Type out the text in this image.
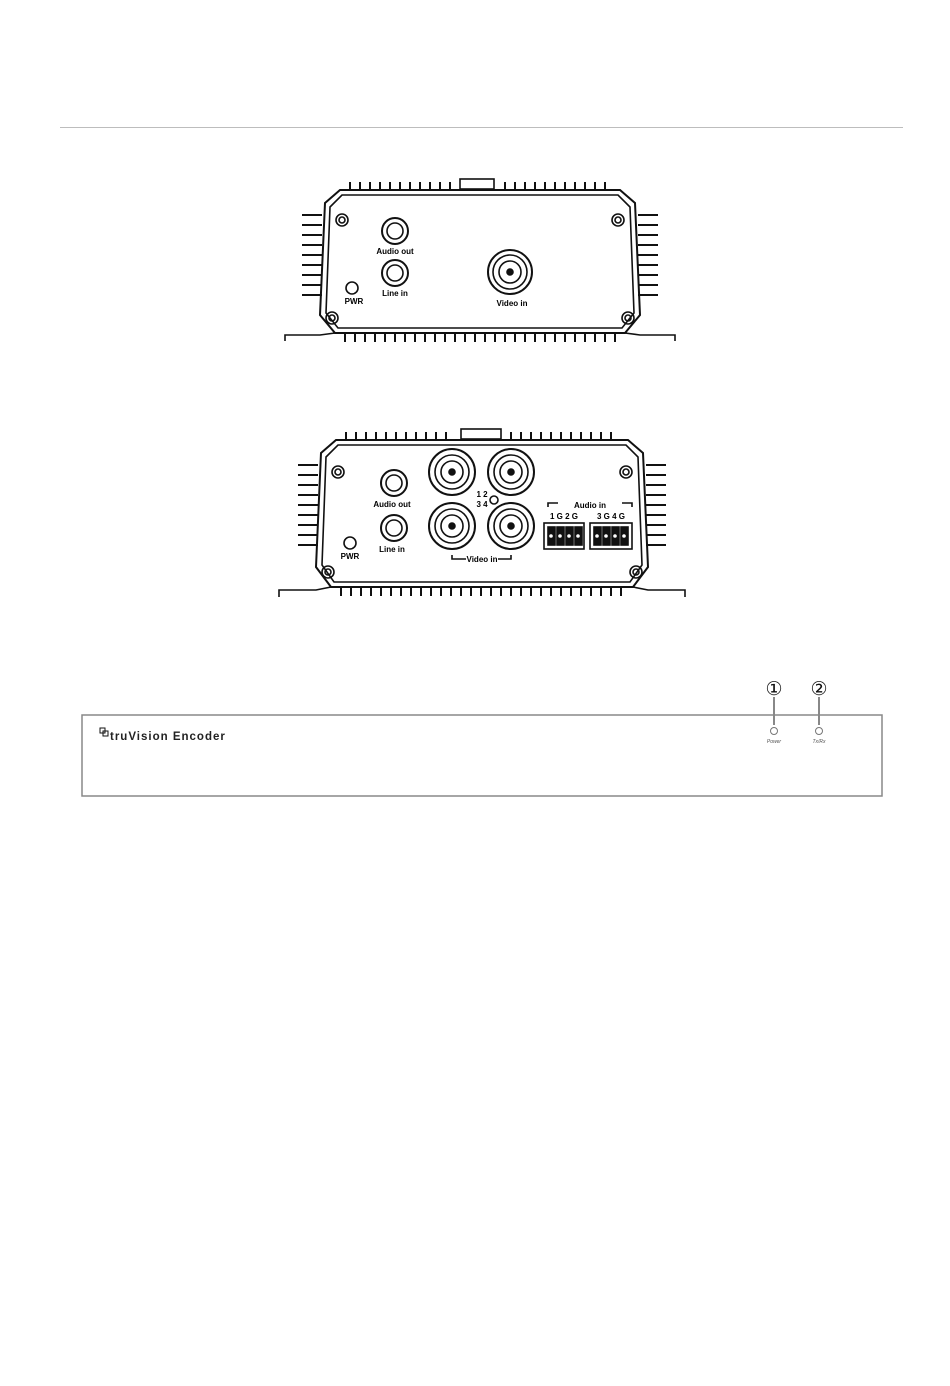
Audio out
Line in
PWR	Video in
Audio out
Line in
PWR	Video in
1 2
3 4	Audio in
1 G 2 G 3 G 4 G
① ②
truVision Encoder	Power	Tx/Rx
